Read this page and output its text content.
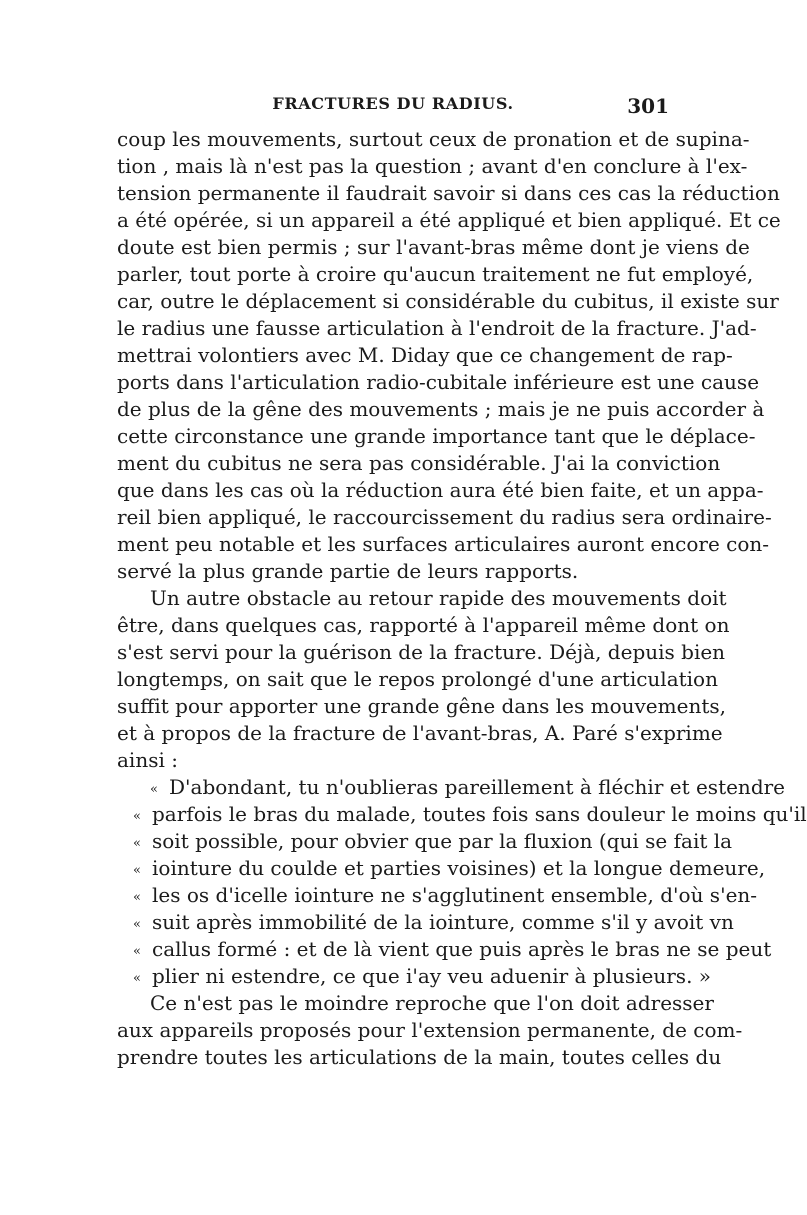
FRACTURES DU RADIUS.	301
coup les mouvements, surtout ceux de pronation et de supina-
tion , mais là n'est pas la question ; avant d'en conclure à l'ex-
tension permanente il faudrait savoir si dans ces cas la réduction
a été opérée, si un appareil a été appliqué et bien appliqué. Et ce
doute est bien permis ; sur l'avant-bras même dont je viens de
parler, tout porte à croire qu'aucun traitement ne fut employé,
car, outre le déplacement si considérable du cubitus, il existe sur
le radius une fausse articulation à l'endroit de la fracture. J'ad-
mettrai volontiers avec M. Diday que ce changement de rap-
ports dans l'articulation radio-cubitale inférieure est une cause
de plus de la gêne des mouvements ; mais je ne puis accorder à
cette circonstance une grande importance tant que le déplace-
ment du cubitus ne sera pas considérable. J'ai la conviction
que dans les cas où la réduction aura été bien faite, et un appa-
reil bien appliqué, le raccourcissement du radius sera ordinaire-
ment peu notable et les surfaces articulaires auront encore con-
servé la plus grande partie de leurs rapports.
Un autre obstacle au retour rapide des mouvements doit
être, dans quelques cas, rapporté à l'appareil même dont on
s'est servi pour la guérison de la fracture. Déjà, depuis bien
longtemps, on sait que le repos prolongé d'une articulation
suffit pour apporter une grande gêne dans les mouvements,
et à propos de la fracture de l'avant-bras, A. Paré s'exprime
ainsi :
« D'abondant, tu n'oublieras pareillement à fléchir et estendre
« parfois le bras du malade, toutes fois sans douleur le moins qu'il
« soit possible, pour obvier que par la fluxion (qui se fait la
« iointure du coulde et parties voisines) et la longue demeure,
« les os d'icelle iointure ne s'agglutinent ensemble, d'où s'en-
« suit après immobilité de la iointure, comme s'il y avoit vn
« callus formé : et de là vient que puis après le bras ne se peut
« plier ni estendre, ce que i'ay veu aduenir à plusieurs. »
Ce n'est pas le moindre reproche que l'on doit adresser
aux appareils proposés pour l'extension permanente, de com-
prendre toutes les articulations de la main, toutes celles du
